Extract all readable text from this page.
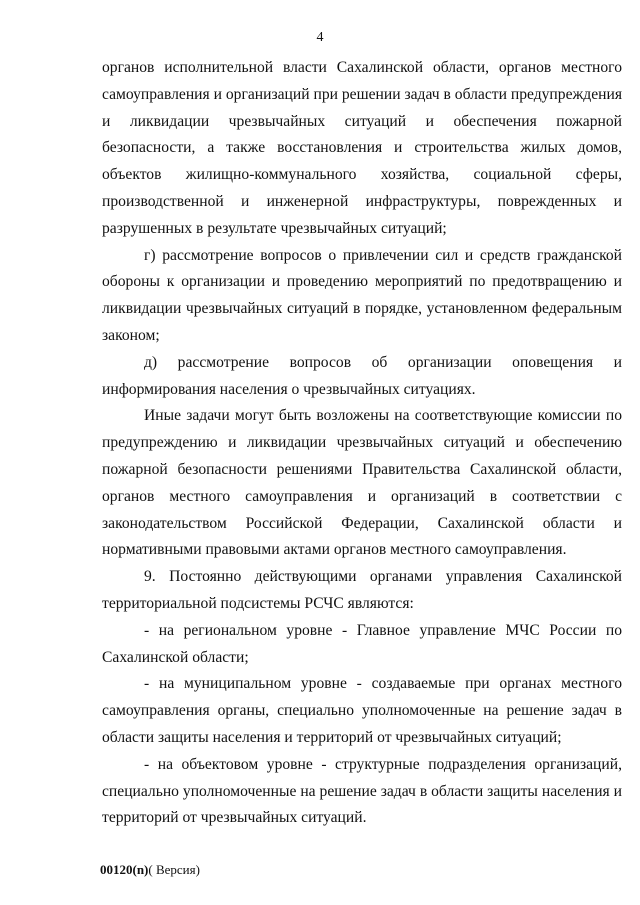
4

органов исполнительной власти Сахалинской области, органов местного самоуправления и организаций при решении задач в области предупреждения и ликвидации чрезвычайных ситуаций и обеспечения пожарной безопасности, а также восстановления и строительства жилых домов, объектов жилищно-коммунального хозяйства, социальной сферы, производственной и инженерной инфраструктуры, поврежденных и разрушенных в результате чрезвычайных ситуаций;

г) рассмотрение вопросов о привлечении сил и средств гражданской обороны к организации и проведению мероприятий по предотвращению и ликвидации чрезвычайных ситуаций в порядке, установленном федеральным законом;

д) рассмотрение вопросов об организации оповещения и информирования населения о чрезвычайных ситуациях.

Иные задачи могут быть возложены на соответствующие комиссии по предупреждению и ликвидации чрезвычайных ситуаций и обеспечению пожарной безопасности решениями Правительства Сахалинской области, органов местного самоуправления и организаций в соответствии с законодательством Российской Федерации, Сахалинской области и нормативными правовыми актами органов местного самоуправления.

9. Постоянно действующими органами управления Сахалинской территориальной подсистемы РСЧС являются:

- на региональном уровне - Главное управление МЧС России по Сахалинской области;

- на муниципальном уровне - создаваемые при органах местного самоуправления органы, специально уполномоченные на решение задач в области защиты населения и территорий от чрезвычайных ситуаций;

- на объектовом уровне - структурные подразделения организаций, специально уполномоченные на решение задач в области защиты населения и территорий от чрезвычайных ситуаций.

00120(n)( Версия)
